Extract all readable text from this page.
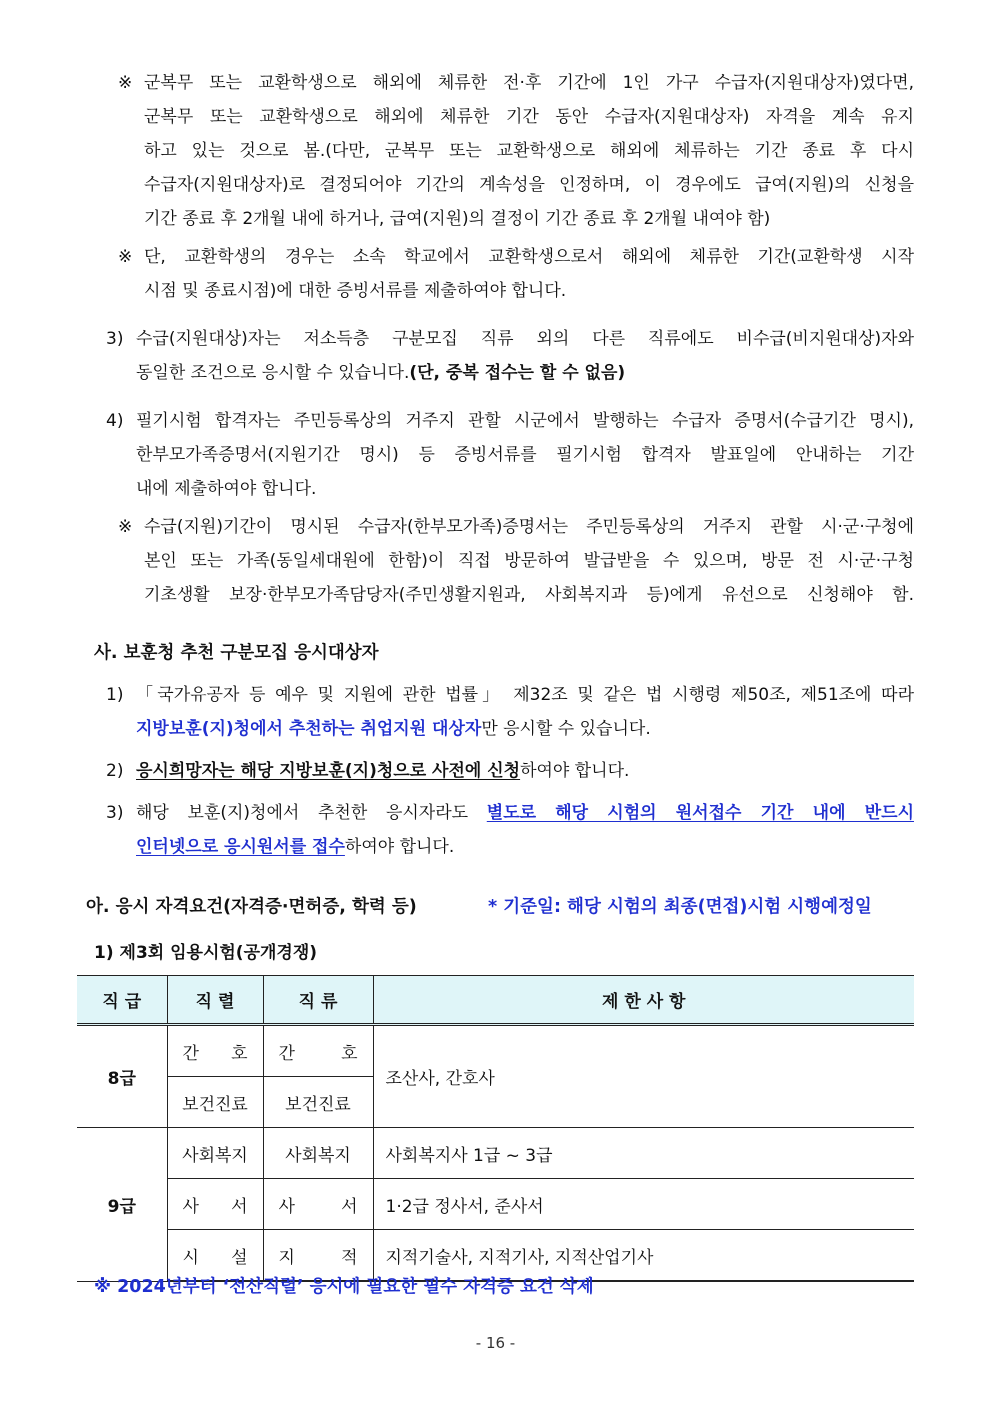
※ 군복무 또는 교환학생으로 해외에 체류한 전·후 기간에 1인 가구 수급자(지원대상자)였다면,
군복무 또는 교환학생으로 해외에 체류한 기간 동안 수급자(지원대상자) 자격을 계속 유지
하고 있는 것으로 봄.(다만, 군복무 또는 교환학생으로 해외에 체류하는 기간 종료 후 다시
수급자(지원대상자)로 결정되어야 기간의 계속성을 인정하며, 이 경우에도 급여(지원)의 신청을
기간 종료 후 2개월 내에 하거나, 급여(지원)의 결정이 기간 종료 후 2개월 내여야 함)
※ 단, 교환학생의 경우는 소속 학교에서 교환학생으로서 해외에 체류한 기간(교환학생 시작
시점 및 종료시점)에 대한 증빙서류를 제출하여야 합니다.
3) 수급(지원대상)자는 저소득층 구분모집 직류 외의 다른 직류에도 비수급(비지원대상)자와
동일한 조건으로 응시할 수 있습니다.(단, 중복 접수는 할 수 없음)
4) 필기시험 합격자는 주민등록상의 거주지 관할 시군에서 발행하는 수급자 증명서(수급기간 명시),
한부모가족증명서(지원기간 명시) 등 증빙서류를 필기시험 합격자 발표일에 안내하는 기간
내에 제출하여야 합니다.
※ 수급(지원)기간이 명시된 수급자(한부모가족)증명서는 주민등록상의 거주지 관할 시·군·구청에
본인 또는 가족(동일세대원에 한함)이 직접 방문하여 발급받을 수 있으며, 방문 전 시·군·구청
기초생활 보장·한부모가족담당자(주민생활지원과, 사회복지과 등)에게 유선으로 신청해야 함.
사. 보훈청 추천 구분모집 응시대상자
1) 「국가유공자 등 예우 및 지원에 관한 법률」 제32조 및 같은 법 시행령 제50조, 제51조에 따라
지방보훈(지)청에서 추천하는 취업지원 대상자만 응시할 수 있습니다.
2) 응시희망자는 해당 지방보훈(지)청으로 사전에 신청하여야 합니다.
3) 해당 보훈(지)청에서 추천한 응시자라도 별도로 해당 시험의 원서접수 기간 내에 반드시
인터넷으로 응시원서를 접수하여야 합니다.
아. 응시 자격요건(자격증·면허증, 학력 등)	* 기준일: 해당 시험의 최종(면접)시험 시행예정일
1) 제3회 임용시험(공개경쟁)
직 급	직 렬	직 류	제 한 사 항
8급	간 호	간 호	조산사, 간호사
	보건진료	보건진료	
9급	사회복지	사회복지	사회복지사 1급 ~ 3급

	사 서	사 서	1·2급 정사서, 준사서

	시 설	지 적	지적기술사, 지적기사, 지적산업기사
※ 2024년부터 ‘전산직렬’ 응시에 필요한 필수 자격증 요건 삭제
- 16 -
